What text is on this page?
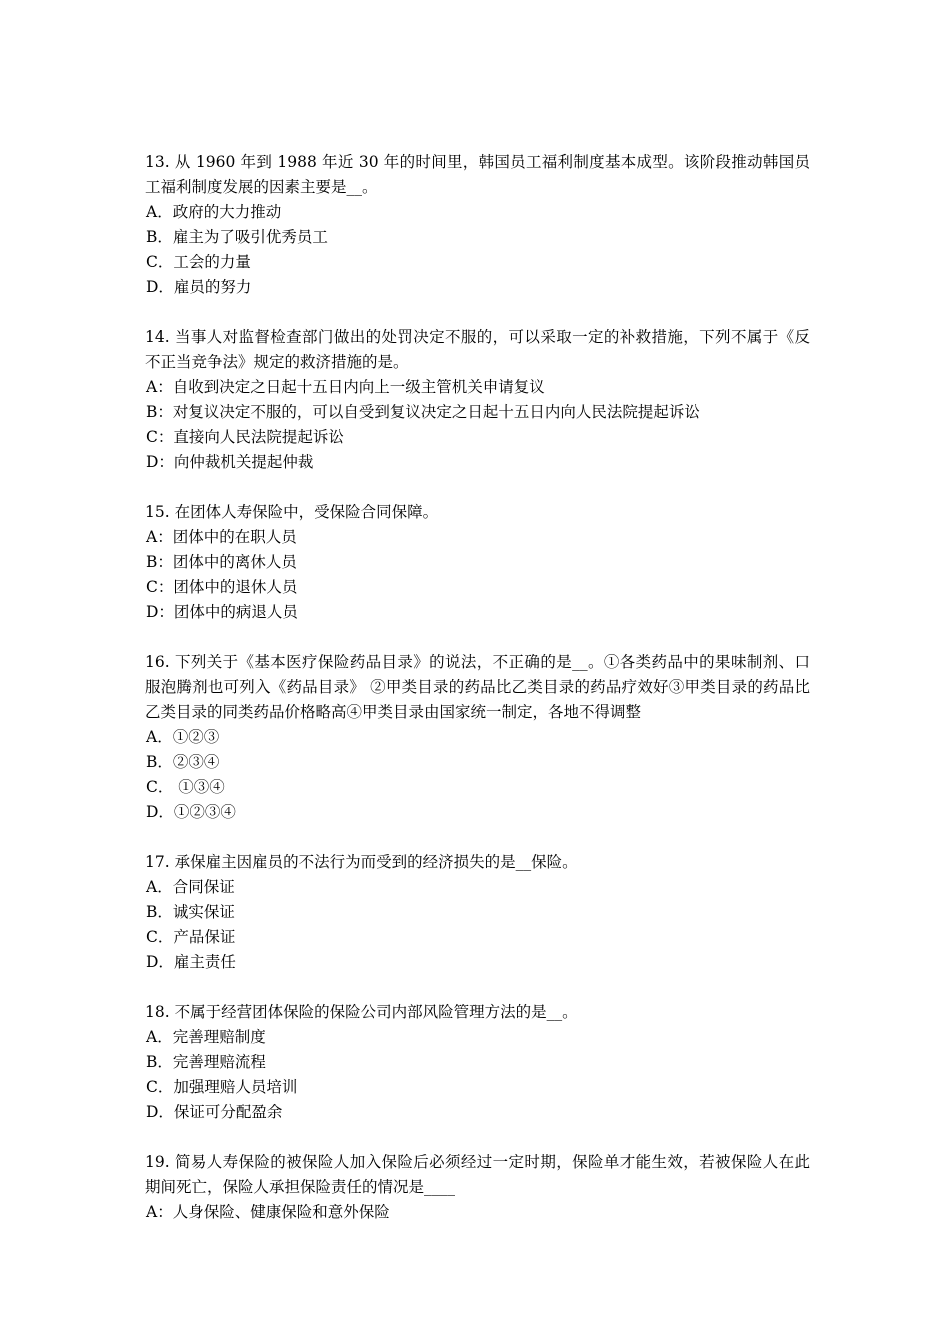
13. 从 1960 年到 1988 年近 30 年的时间里，韩国员工福利制度基本成型。该阶段推动韩国员工福利制度发展的因素主要是__。

A．政府的大力推动
B．雇主为了吸引优秀员工
C．工会的力量
D．雇员的努力

14. 当事人对监督检查部门做出的处罚决定不服的，可以采取一定的补救措施，下列不属于《反不正当竞争法》规定的救济措施的是。

A：自收到决定之日起十五日内向上一级主管机关申请复议
B：对复议决定不服的，可以自受到复议决定之日起十五日内向人民法院提起诉讼
C：直接向人民法院提起诉讼
D：向仲裁机关提起仲裁

15. 在团体人寿保险中，受保险合同保障。

A：团体中的在职人员
B：团体中的离休人员
C：团体中的退休人员
D：团体中的病退人员

16. 下列关于《基本医疗保险药品目录》的说法，不正确的是__。①各类药品中的果味制剂、口服泡腾剂也可列入《药品目录》 ②甲类目录的药品比乙类目录的药品疗效好③甲类目录的药品比乙类目录的同类药品价格略高④甲类目录由国家统一制定，各地不得调整

A．①②③
B．②③④
C． ①③④
D．①②③④

17. 承保雇主因雇员的不法行为而受到的经济损失的是__保险。

A．合同保证
B．诚实保证
C．产品保证
D．雇主责任

18. 不属于经营团体保险的保险公司内部风险管理方法的是__。

A．完善理赔制度
B．完善理赔流程
C．加强理赔人员培训
D．保证可分配盈余

19. 简易人寿保险的被保险人加入保险后必须经过一定时期，保险单才能生效，若被保险人在此期间死亡，保险人承担保险责任的情况是____

A：人身保险、健康保险和意外保险
